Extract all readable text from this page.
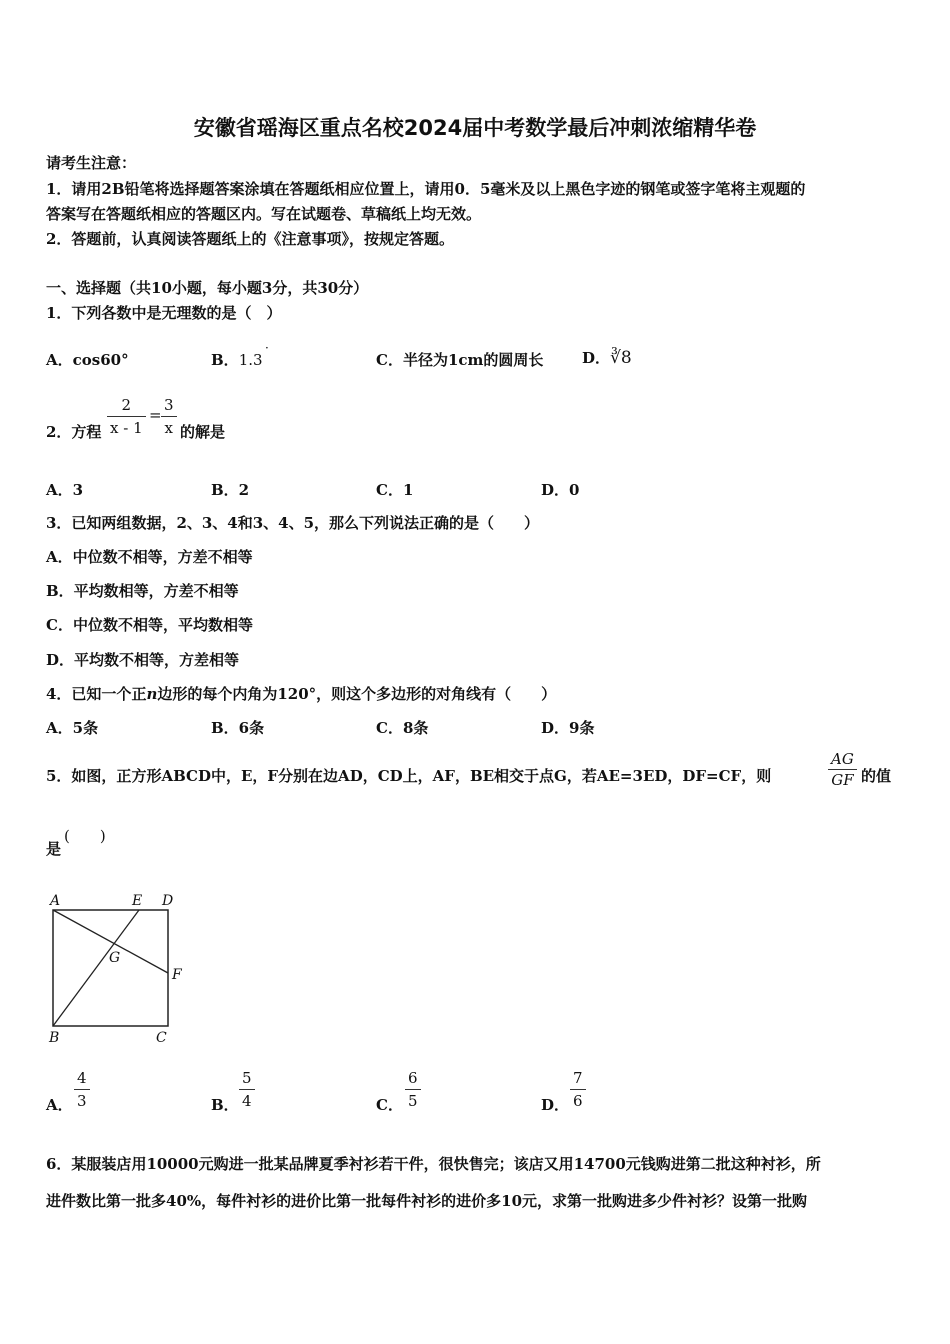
安徽省瑶海区重点名校2024届中考数学最后冲刺浓缩精华卷
请考生注意：
1．请用2B铅笔将选择题答案涂填在答题纸相应位置上，请用0．5毫米及以上黑色字迹的钢笔或签字笔将主观题的
答案写在答题纸相应的答题区内。写在试题卷、草稿纸上均无效。
2．答题前，认真阅读答题纸上的《注意事项》，按规定答题。
一、选择题（共10小题，每小题3分，共30分）
1．下列各数中是无理数的是（　）
A．cos60°	B．1.3
·
C．半径为1cm的圆周长	D．∛8
2．方程 $\frac{2}{x - 1} = \frac{3}{x}$ 的解是
A．3	B．2	C．1	D．0
3．已知两组数据，2、3、4和3、4、5，那么下列说法正确的是（　　）
A．中位数不相等，方差不相等
B．平均数相等，方差不相等
C．中位数不相等，平均数相等
D．平均数不相等，方差相等
4．已知一个正n边形的每个内角为120°，则这个多边形的对角线有（　　）
A．5条	B．6条	C．8条	D．9条
5．如图，正方形ABCD中，E，F分别在边AD，CD上，AF，BE相交于点G，若AE=3ED，DF=CF，则	$\frac{AG}{GF}$ 的值
是
(　　)
A	E D
G
F
B	C
A． $\frac{4}{3}$	B． $\frac{5}{4}$	C． $\frac{6}{5}$	D． $\frac{7}{6}$
6．某服装店用10000元购进一批某品牌夏季衬衫若干件，很快售完；该店又用14700元钱购进第二批这种衬衫，所
进件数比第一批多40%，每件衬衫的进价比第一批每件衬衫的进价多10元，求第一批购进多少件衬衫？设第一批购
